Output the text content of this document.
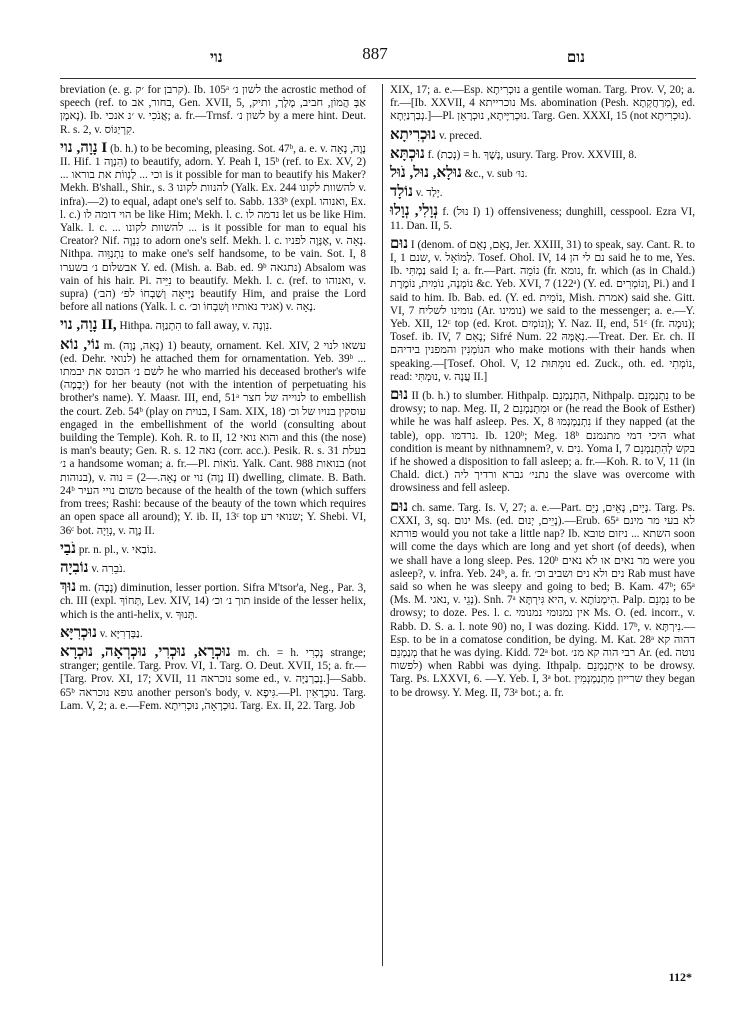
נוי	887	נום

breviation (e. g. ׳ק for קרבן). Ib. 105ᵃ לשון נ׳ the acrostic method of speech (ref. to בחור, אב, Gen. XVII, 5, אַבְּ הֲמוֹן, חביב, מֶלֶך, ותיק, נָאמָן). Ib. ׳נ אנכי v. אֲנֹכִי; a. fr.—Trnsf. לשון נ׳ by a mere hint. Deut. R. s. 2, v. קִרְיַגּוֹס.

נָוָה, נוי I (b. h.) to be becoming, pleasing. Sot. 47ᵇ, a. e. v. נָוֶה, נָאָה II. Hif. הִנְוָה 1) to beautify, adorn. Y. Peah I, 15ᵇ (ref. to Ex. XV, 2) ... וכי ... לַנְווֹת את בוראו is it possible for man to beautify his Maker? Mekh. B'shall., Shir., s. 3 להנוות לקונו (Yalk. Ex. 244 להשוות לקונו v. infra).—2) to equal, adapt one's self to. Sabb. 133ᵇ (expl. ואנוהו, Ex. l. c.) הוי דומה לו be like Him; Mekh. l. c. נדמה לו let us be like Him. Yalk. l. c. ... להשוות לקונו ... is it possible for man to equal his Creator? Nif. נִנְוָה to adorn one's self. Mekh. l. c. אֶנָּוֶה לפניו, v. נָאָה. Nithpa. נִתְנַוֵּוה to make one's self handsome, to be vain. Sot. I, 8 אבשלום נ׳ בשערו Y. ed. (Mish. a. Bab. ed. 9ᵇ נתגאה) Absalom was vain of his hair. Pi. נִיֵּיה to beautify. Mekh. l. c. (ref. to ואנוהו, v. supra) נַיָּיאָה וְשַׁבְחוֹ לפ׳ (הב׳) beautify Him, and praise the Lord before all nations (Yalk. l. c. אגיד נאותיו וְשִׁבְחוֹ וכ׳) v. נָאָה.

נָוָה, נוי II, Hithpa. הִתְנַוָּה to fall away, v. נִוְנָה.

נוֹי, נוֹא m. (נָאָה, נָוָה) 1) beauty, ornament. Kel. XIV, 2 עשאו לנוי (ed. Dehr. לנואי) he attached them for ornamentation. Yeb. 39ᵇ ... לשם נ׳ הכונס את יבמתו he who married his deceased brother's wife (יְבָמָה) for her beauty (not with the intention of perpetuating his brother's name). Y. Maasr. III, end, 51ᵃ לנוייה של חצר to embellish the court. Zeb. 54ᵇ (play on בנוית, I Sam. XIX, 18) עוסקין בנויו של וכ׳ engaged in the embellishment of the world (consulting about building the Temple). Koh. R. to II, 12 והוא נואי and this (the nose) is man's beauty; Gen. R. s. 12 נאה (corr. acc.). Pesik. R. s. 31 בעלת נ׳ a handsome woman; a. fr.—Pl. נוֹאוֹת. Yalk. Cant. 988 בנואות (not בנוהות), v. נָאָה.—2) = נוה or נוי (נָוֶה II) dwelling, climate. B. Bath. 24ᵇ משום נויי העיר because of the health of the town (which suffers from trees; Rashi: because of the beauty of the town which requires an open space all around); Y. ib. II, 13ᶜ top שנואי רע; Y. Shebi. VI, 36ᶜ bot. נְוֵיָה, v. נָוֶה II.

נֹבַי pr. n. pl., v. נוֹבַאי.

נוֹבִיָה v. נֹבֵרִה.

נוּךְ m. (נָבָה) diminution, lesser portion. Sifra M'tsor'a, Neg., Par. 3, ch. III (expl. תְּחוֹךְ, Lev. XIV, 14) תוך נ׳ וכ׳ inside of the lesser helix, which is the anti-helix, v. תְּנוּךְ.

נוּכְרִיָּא v. נַבְּדְרִיָּא.

נוּכְרָא, נוּכְרִי, נוּכְרְאָה, נוּכְרָא m. ch. = h. נָכְרִי strange; stranger; gentile. Targ. Prov. VI, 1. Targ. O. Deut. XVII, 15; a. fr.—[Targ. Prov. XI, 17; XVII, 11 נוכראה some ed., v. נְבַרְנַיָּה.]—Sabb. 65ᵇ גופא נוכראה another person's body, v. גִּיפָא.—Pl. נוּכְרָאִין. Targ. Lam. V, 2; a. e.—Fem. נוּכְרָאָה, נוּכְרִיתָא. Targ. Ex. II, 22. Targ. Job

XIX, 17; a. e.—Esp. נוּכְרִיתָא a gentile woman. Targ. Prov. V, 20; a. fr.—[Ib. XXVII, 4 נוכרייתא Ms. abomination (Pesh. מְרַחֲקְתָא), ed. נְבַרְנַיְתָא.]—Pl. נוּכְרַיָּיתָא, נוּכְרָאָן. Targ. Gen. XXXI, 15 (not נוּכְרִיתָא).

נוּכְרִיתָא v. preced.

נוּכְתָּא f. (נְכַת) = h. נֶשֶׁךְ, usury. Targ. Prov. XXVIII, 8.

נוּלָא, נוּל, נֹוּל &c., v. sub נוּ׳.

נוֹלָד v. יָלַד.

נְוָלִי, נְוָלוּ f. (נוּל I) 1) offensiveness; dunghill, cesspool. Ezra VI, 11. Dan. II, 5.

נוּם I (denom. of נְאָם, נְאֻם, Jer. XXIII, 31) to speak, say. Cant. R. to I, 1 שנם, v. לְמוֹאֵל. Tosef. Ohol. IV, 14 נם לי הן said he to me, Yes. Ib. נַמְתִּי said I; a. fr.—Part. נוֹמֵה (fr. נומא, fr. which (as in Chald.) נוֹמְנָה, נוֹמִית, נוֹמֶרֶת &c. Yeb. XVI, 7 (122ᵃ) (Y. ed. וְנוֹמְרִים, Pi.) and I said to him. Ib. Bab. ed. (Y. ed. נוֹמִית, Mish. אמרת) said she. Gitt. VI, 7 נומינו לשליח (Ar. נומינו) we said to the messenger; a. e.—Y. Yeb. XII, 12ᶜ top (ed. Krot. וְנוֹמְיִם); Y. Naz. II, end, 51ᶜ (fr. נוּמָה); Tosef. ib. IV, 7 נָאִם; Sifré Num. 22 נְאֻמָּהּ.—Treat. Der. Er. ch. II הנוֹמְנִין והמפנין בידיהם who make motions with their hands when speaking.—[Tosef. Ohol. V, 12 נוּמִתּוּת ed. Zuck., oth. ed. נוֹמְתִי, read: נוּמְתִּי, v. עֲנָה II.]

נוּם II (b. h.) to slumber. Hithpalp. הִתְנַמְנֵם, Nithpalp. נִתְנַמְנֵם to be drowsy; to nap. Meg. II, 2 וּמִתְנַמְנֵם or (he read the Book of Esther) while he was half asleep. Pes. X, 8 נִתְנַמְנְמוּ if they napped (at the table), opp. נרדמו. Ib. 120ᵇ; Meg. 18ᵇ היכי דמי מתנמנם what condition is meant by nithnamnem?, v. נִים. Yoma I, 7 בקש לְהִתְנַמְנֵם if he showed a disposition to fall asleep; a. fr.—Koh. R. to V, 11 (in Chald. dict.) נתני׳ גברא ורדיך ליה the slave was overcome with drowsiness and fell asleep.

נוּם ch. same. Targ. Is. V, 27; a. e.—Part. נָיֵים, נָאֵים, נְיֵם. Targ. Ps. CXXI, 3, sq. ינום Ms. (ed. נָיֵים, יְנוּם).—Erub. 65ᵃ לא בעי מר מינם פורתא would you not take a little nap? Ib. השתא ... ניזום טובא soon will come the days which are long and yet short (of deeds), when we shall have a long sleep. Pes. 120ᵇ מר נאים או לא נאים were you asleep?, v. infra. Yeb. 24ᵇ, a. fr. נים ולא נים ושביב וכ׳ Rab must have said so when he was sleepy and going to bed; B. Kam. 47ᵇ; 65ᵃ (Ms. M. נאגי, v. נְגֵי). Snh. 7ᵃ היא גִּירְתָּא, v. הִימְנוֹתָא. Palp. נִמְנֵם to be drowsy; to doze. Pes. l. c. אין נמנומי נמנומי Ms. O. (ed. incorr., v. Rabb. D. S. a. l. note 90) no, I was dozing. Kidd. 17ᵇ, v. נִירְתָּא.—Esp. to be in a comatose condition, be dying. M. Kat. 28ᵃ דהוה קא מְנַמְנֵם that he was dying. Kidd. 72ᵃ bot. רבי הוה קא מנ׳ Ar. (ed. נוטה לפשוח) when Rabbi was dying. Ithpalp. אִיתְנַמְנֵם to be drowsy. Targ. Ps. LXXVI, 6. —Y. Yeb. I, 3ᵃ bot. שרייון מִתְנַמְנְמִין they began to be drowsy. Y. Meg. II, 73ᵃ bot.; a. fr.

112*
